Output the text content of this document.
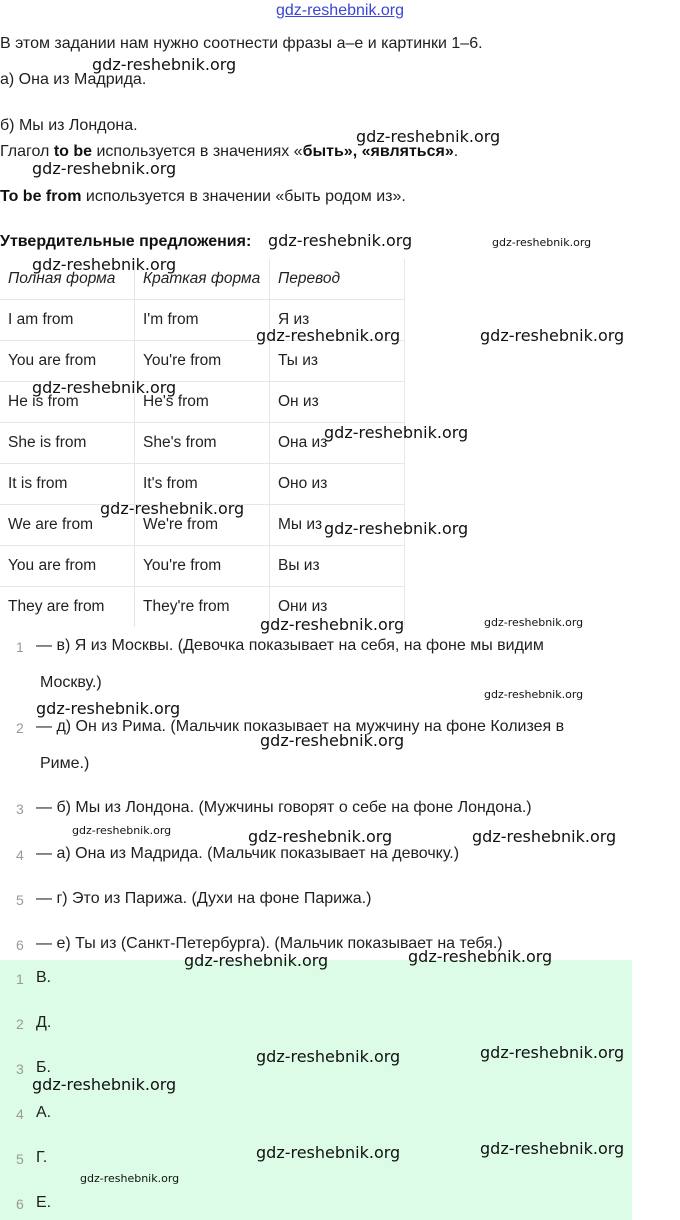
gdz-reshebnik.org

В этом задании нам нужно соотнести фразы а–е и картинки 1–6.

а) Она из Мадрида.

б) Мы из Лондона.

Глагол to be используется в значениях «быть», «являться».

To be from используется в значении «быть родом из».

Утвердительные предложения:

Полная форма	Краткая форма	Перевод
I am from	I'm from	Я из
You are from	You're from	Ты из
He is from	He's from	Он из
She is from	She's from	Она из
It is from	It's from	Оно из
We are from	We're from	Мы из
You are from	You're from	Вы из
They are from	They're from	Они из
1 — в) Я из Москвы. (Девочка показывает на себя, на фоне мы видим
Москву.)
2 — д) Он из Рима. (Мальчик показывает на мужчину на фоне Колизея в
Риме.)
3 — б) Мы из Лондона. (Мужчины говорят о себе на фоне Лондона.)
4 — а) Она из Мадрида. (Мальчик показывает на девочку.)
5 — г) Это из Парижа. (Духи на фоне Парижа.)
6 — е) Ты из (Санкт-Петербурга). (Мальчик показывает на тебя.)
1 В.
2 Д.
3 Б.
4 А.
5 Г.
6 Е.
gdz-reshebnik.org
gdz-reshebnik.org
gdz-reshebnik.org
gdz-reshebnik.org	gdz-reshebnik.org
gdz-reshebnik.org
gdz-reshebnik.org	gdz-reshebnik.org
gdz-reshebnik.org
gdz-reshebnik.org
gdz-reshebnik.org
gdz-reshebnik.org
gdz-reshebnik.org	gdz-reshebnik.org
gdz-reshebnik.org
gdz-reshebnik.org
gdz-reshebnik.org
gdz-reshebnik.org	gdz-reshebnik.org	gdz-reshebnik.org
gdz-reshebnik.org
gdz-reshebnik.org
gdz-reshebnik.org	gdz-reshebnik.org
gdz-reshebnik.org
gdz-reshebnik.org	gdz-reshebnik.org
gdz-reshebnik.org
